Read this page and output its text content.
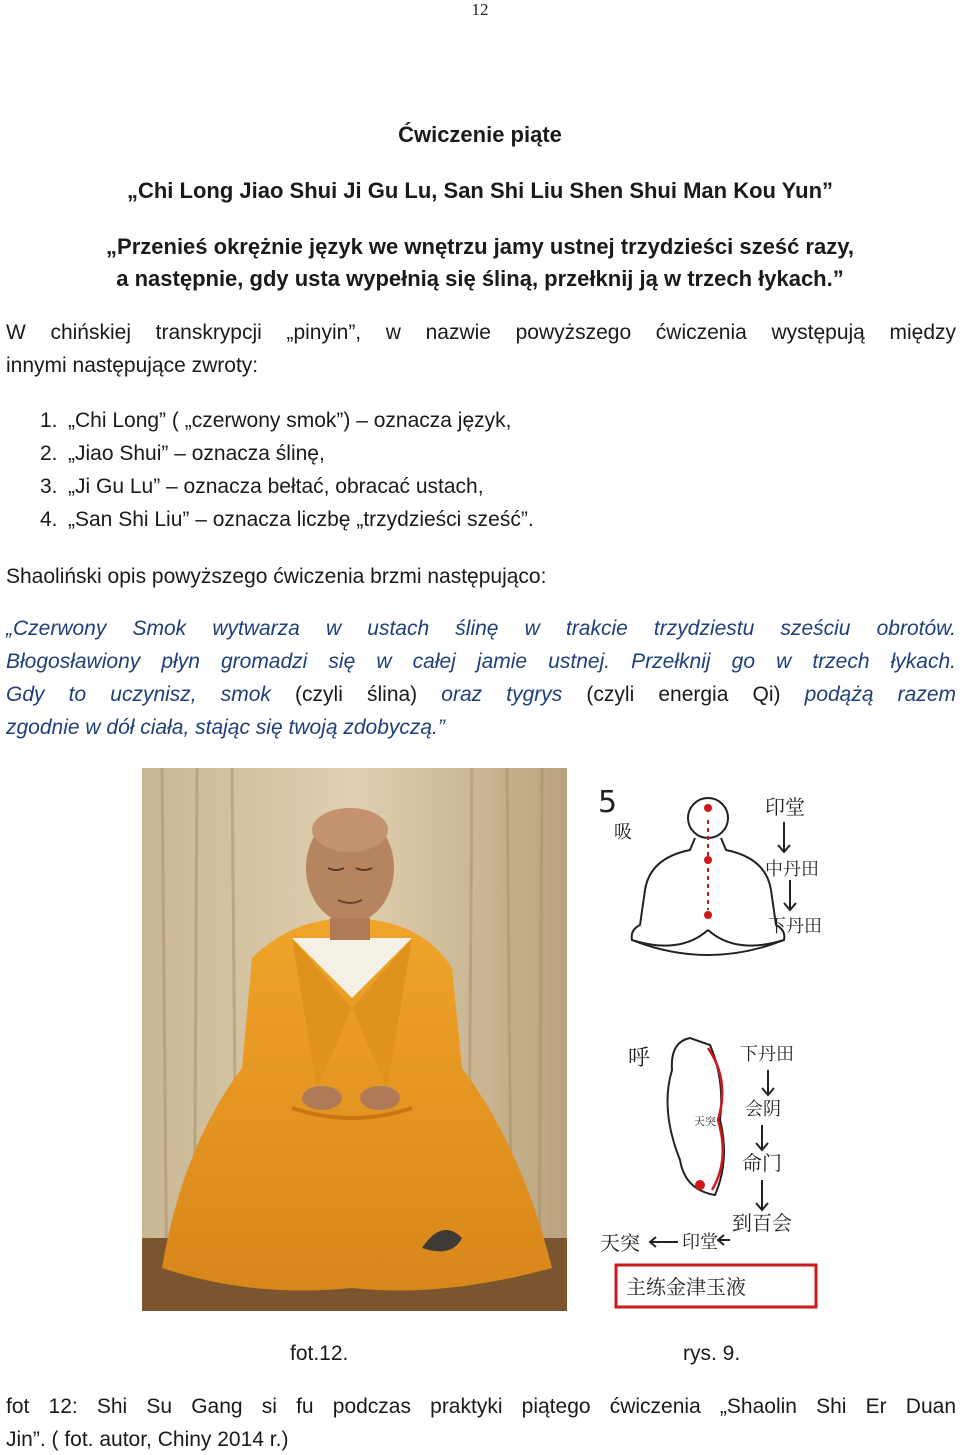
12
Ćwiczenie piąte
„Chi Long Jiao Shui Ji Gu Lu, San Shi Liu Shen Shui Man Kou Yun”
„Przenieś okrężnie język we wnętrzu jamy ustnej trzydzieści sześć razy,
a następnie, gdy usta wypełnią się śliną, przełknij ją w trzech łykach.”
W chińskiej transkrypcji „pinyin”, w nazwie powyższego ćwiczenia występują między
innymi następujące zwroty:
1. „Chi Long” ( „czerwony smok”) – oznacza język,
2. „Jiao Shui” – oznacza ślinę,
3. „Ji Gu Lu” – oznacza bełtać, obracać ustach,
4. „San Shi Liu” – oznacza liczbę „trzydzieści sześć”.
Shaoliński opis powyższego ćwiczenia brzmi następująco:
„Czerwony Smok wytwarza w ustach ślinę w trakcie trzydziestu sześciu obrotów.
Błogosławiony płyn gromadzi się w całej jamie ustnej. Przełknij go w trzech łykach.
Gdy to uczynisz, smok (czyli ślina) oraz tygrys (czyli energia Qi) podążą razem
zgodnie w dół ciała, stając się twoją zdobyczą.”
5
吸
印堂
中丹田
下丹田
呼	下丹田
会阴
命门
到百会
天突 印堂
天突
主练金津玉液
fot.12.	rys. 9.
fot 12: Shi Su Gang si fu podczas praktyki piątego ćwiczenia „Shaolin Shi Er Duan
Jin”. ( fot. autor, Chiny 2014 r.)
